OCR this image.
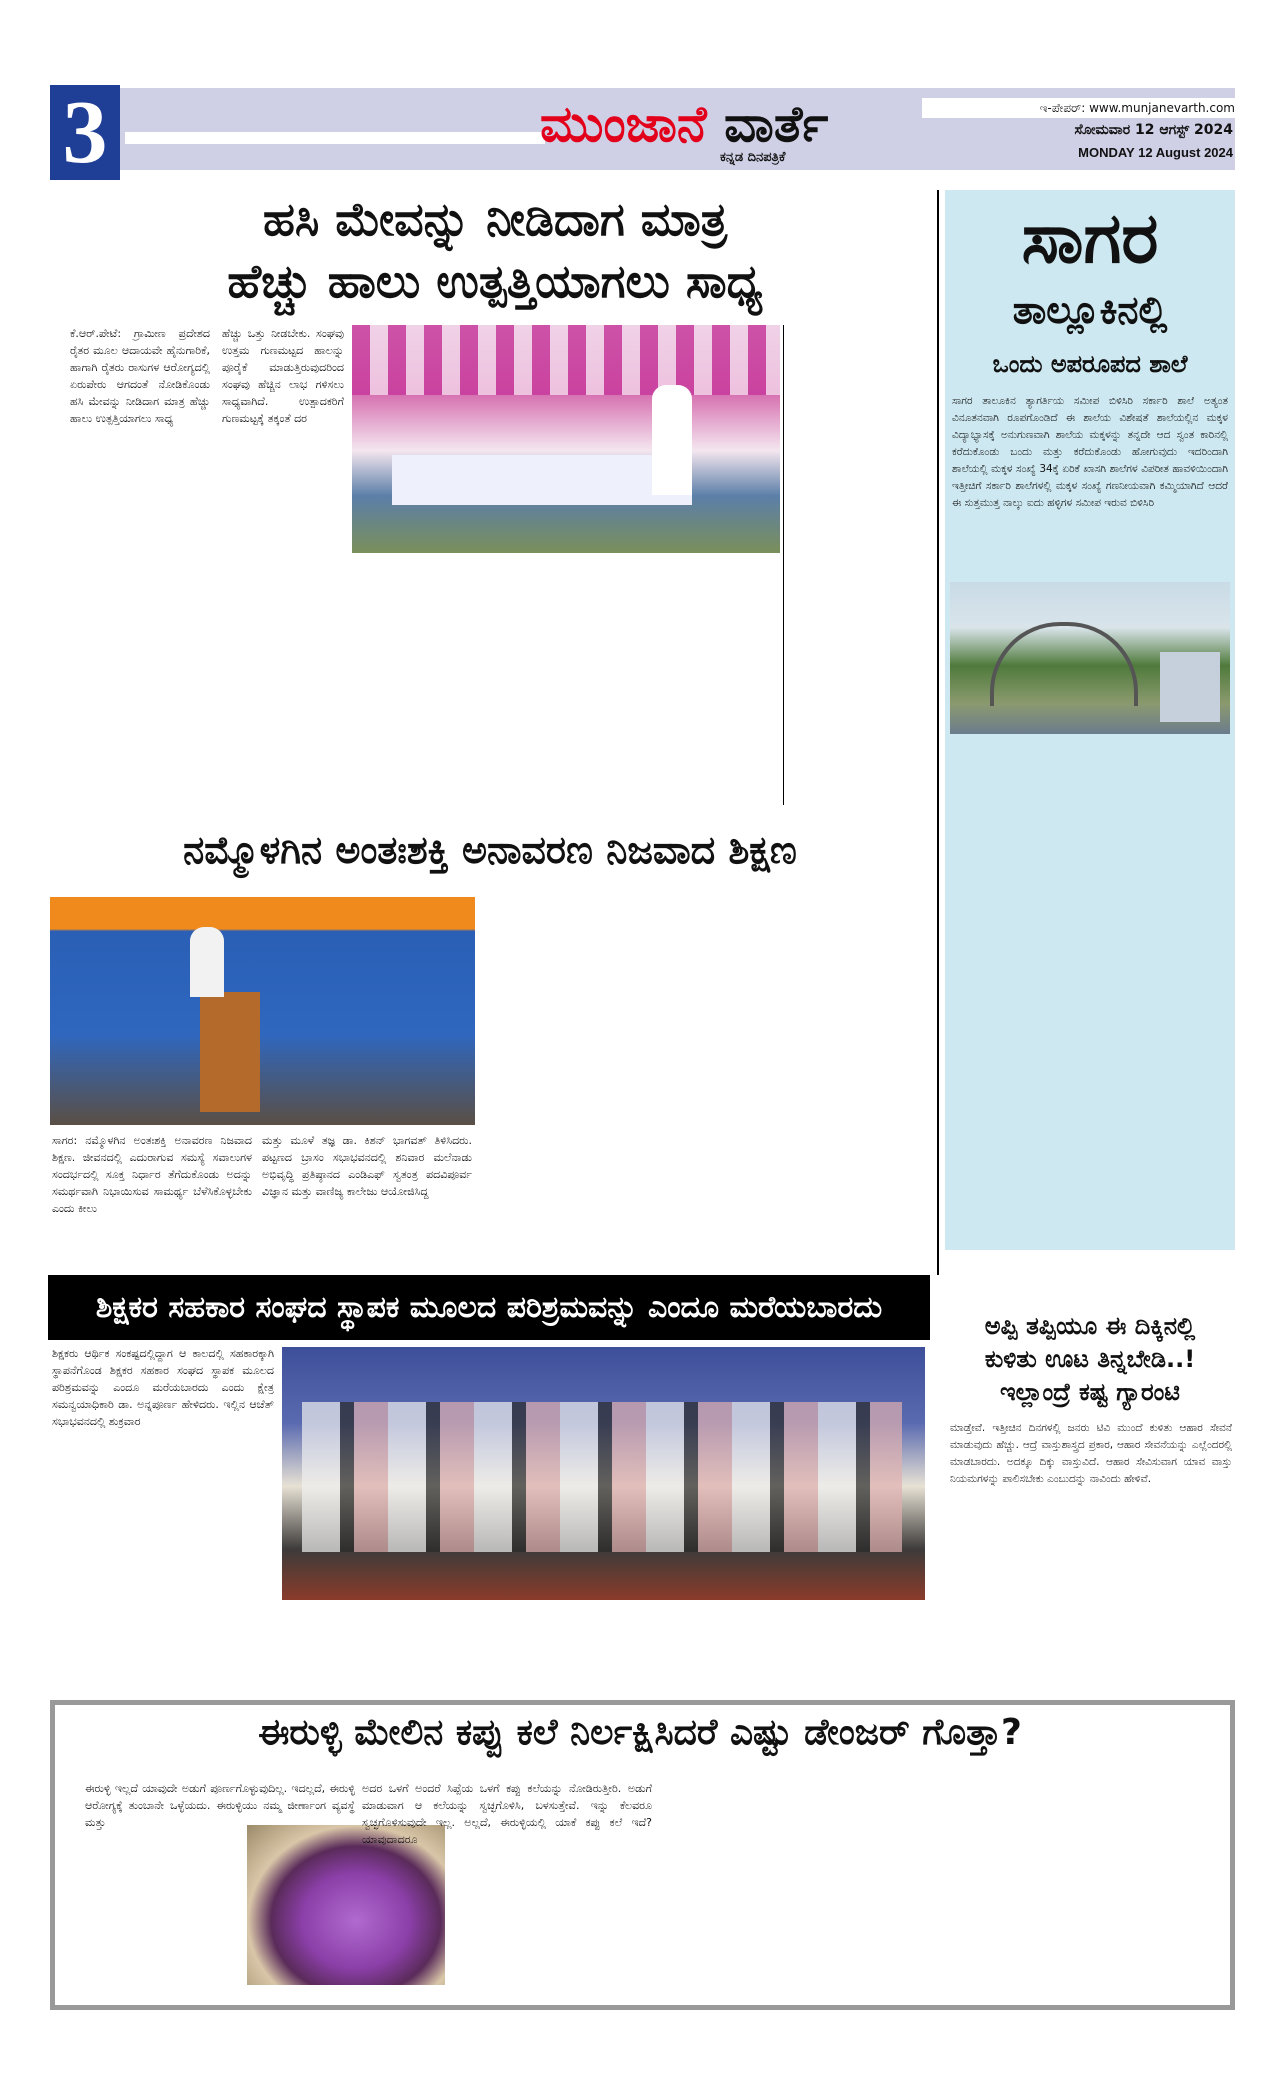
3	ಮುಂಜಾನೆ ವಾರ್ತೆ
ಕನ್ನಡ ದಿನಪತ್ರಿಕೆ
ಇ-ಪೇಪರ್: www.munjanevarth.com
ಸೋಮವಾರ 12 ಆಗಸ್ಟ್ 2024
MONDAY 12 August 2024
ಹಸಿ ಮೇವನ್ನು ನೀಡಿದಾಗ ಮಾತ್ರ
ಹೆಚ್ಚು ಹಾಲು ಉತ್ಪತ್ತಿಯಾಗಲು ಸಾಧ್ಯ
ಕೆ.ಆರ್.ಪೇಟೆ: ಗ್ರಾಮೀಣ ಪ್ರದೇಶದ ರೈತರ ಮೂಲ ಆದಾಯವೇ ಹೈನುಗಾರಿಕೆ, ಹಾಗಾಗಿ ರೈತರು ರಾಸುಗಳ ಆರೋಗ್ಯದಲ್ಲಿ ಏರುಪೇರು ಆಗದಂತೆ ನೋಡಿಕೊಂಡು ಹಸಿ ಮೇವನ್ನು ನೀಡಿದಾಗ ಮಾತ್ರ ಹೆಚ್ಚು ಹಾಲು ಉತ್ಪತ್ತಿಯಾಗಲು ಸಾಧ್ಯ
ಹೆಚ್ಚು ಒತ್ತು ನೀಡಬೇಕು. ಸಂಘವು ಉತ್ತಮ ಗುಣಮಟ್ಟದ ಹಾಲನ್ನು ಪೂರೈಕೆ ಮಾಡುತ್ತಿರುವುದರಿಂದ ಸಂಘವು ಹೆಚ್ಚಿನ ಲಾಭ ಗಳಿಸಲು ಸಾಧ್ಯವಾಗಿದೆ. ಉತ್ಪಾದಕರಿಗೆ ಗುಣಮಟ್ಟಕ್ಕೆ ತಕ್ಕಂತೆ ದರ
ಸಾಗರ
ತಾಲ್ಲೂಕಿನಲ್ಲಿ
ಒಂದು ಅಪರೂಪದ ಶಾಲೆ
ಸಾಗರ ತಾಲೂಕಿನ ತ್ಯಾಗರ್ತಿಯ ಸಮೀಪ ಬಿಳಿಸಿರಿ ಸರ್ಕಾರಿ ಶಾಲೆ ಅತ್ಯಂತ ವಿನೂತನವಾಗಿ ರೂಪಗೊಂಡಿದೆ ಈ ಶಾಲೆಯ ವಿಶೇಷತೆ ಶಾಲೆಯಲ್ಲಿನ ಮಕ್ಕಳ ವಿದ್ಯಾಭ್ಯಾಸಕ್ಕೆ ಅನುಗುಣವಾಗಿ ಶಾಲೆಯ ಮಕ್ಕಳನ್ನು ತನ್ನದೇ ಆದ ಸ್ವಂತ ಕಾರಿನಲ್ಲಿ ಕರೆದುಕೊಂಡು ಬಂದು ಮತ್ತು ಕರೆದುಕೊಂಡು ಹೋಗುವುದು ಇದರಿಂದಾಗಿ ಶಾಲೆಯಲ್ಲಿ ಮಕ್ಕಳ ಸಂಖ್ಯೆ 34ಕ್ಕೆ ಏರಿಕೆ ಖಾಸಗಿ ಶಾಲೆಗಳ ವಿಪರೀತ ಹಾವಳಿಯಿಂದಾಗಿ ಇತ್ತೀಚಿಗೆ ಸರ್ಕಾರಿ ಶಾಲೆಗಳಲ್ಲಿ ಮಕ್ಕಳ ಸಂಖ್ಯೆ ಗಣನೀಯವಾಗಿ ಕಮ್ಮಿಯಾಗಿದೆ ಆದರೆ ಈ ಸುತ್ತಮುತ್ತ ನಾಲ್ಕು ಐದು ಹಳ್ಳಿಗಳ ಸಮೀಪ ಇರುವ ಬಿಳಿಸಿರಿ
ನಮ್ಮೊಳಗಿನ ಅಂತಃಶಕ್ತಿ ಅನಾವರಣ ನಿಜವಾದ ಶಿಕ್ಷಣ
ಸಾಗರ: ನಮ್ಮೊಳಗಿನ ಅಂತಃಶಕ್ತಿ ಅನಾವರಣ ನಿಜವಾದ ಶಿಕ್ಷಣ. ಜೀವನದಲ್ಲಿ ಎದುರಾಗುವ ಸಮಸ್ಯೆ ಸವಾಲುಗಳ ಸಂದರ್ಭದಲ್ಲಿ ಸೂಕ್ತ ನಿರ್ಧಾರ ತೆಗೆದುಕೊಂಡು ಅದನ್ನು ಸಮರ್ಥವಾಗಿ ನಿಭಾಯಿಸುವ ಸಾಮರ್ಥ್ಯ ಬೆಳೆಸಿಕೊಳ್ಳಬೇಕು ಎಂದು ಕೀಲು
ಮತ್ತು ಮೂಳೆ ತಜ್ಞ ಡಾ. ಕಿಶನ್ ಭಾಗವತ್ ತಿಳಿಸಿದರು. ಪಟ್ಟಣದ ಬ್ರಾಸಂ ಸಭಾಭವನದಲ್ಲಿ ಶನಿವಾರ ಮಲೆನಾಡು ಅಭಿವೃದ್ಧಿ ಪ್ರತಿಷ್ಠಾನದ ಎಂಡಿಎಫ್ ಸ್ವತಂತ್ರ ಪದವಿಪೂರ್ವ ವಿಜ್ಞಾನ ಮತ್ತು ವಾಣಿಜ್ಯ ಕಾಲೇಜು ಆಯೋಜಿಸಿದ್ದ
ಶಿಕ್ಷಕರ ಸಹಕಾರ ಸಂಘದ ಸ್ಥಾಪಕ ಮೂಲದ ಪರಿಶ್ರಮವನ್ನು ಎಂದೂ ಮರೆಯಬಾರದು
ಶಿಕ್ಷಕರು ಆರ್ಥಿಕ ಸಂಕಷ್ಟದಲ್ಲಿದ್ದಾಗ ಆ ಕಾಲದಲ್ಲಿ ಸಹಕಾರಕ್ಕಾಗಿ ಸ್ಥಾಪನೆಗೊಂಡ ಶಿಕ್ಷಕರ ಸಹಕಾರ ಸಂಘದ ಸ್ಥಾಪಕ ಮೂಲದ ಪರಿಶ್ರಮವನ್ನು ಎಂದೂ ಮರೆಯಬಾರದು ಎಂದು ಕ್ಷೇತ್ರ ಸಮನ್ವಯಾಧಿಕಾರಿ ಡಾ. ಅನ್ನಪೂರ್ಣ ಹೇಳಿದರು. ಇಲ್ಲಿನ ಆಚೆತ್ ಸಭಾಭವನದಲ್ಲಿ ಶುಕ್ರವಾರ
ಅಪ್ಪಿ ತಪ್ಪಿಯೂ ಈ ದಿಕ್ಕಿನಲ್ಲಿ
ಕುಳಿತು ಊಟ ತಿನ್ನಬೇಡಿ..!
ಇಲ್ಲಾಂದ್ರೆ ಕಷ್ಟ ಗ್ಯಾರಂಟಿ
ಮಾಡ್ತೇವೆ. ಇತ್ತೀಚಿನ ದಿನಗಳಲ್ಲಿ ಜನರು ಟಿವಿ ಮುಂದೆ ಕುಳಿತು ಆಹಾರ ಸೇವನೆ ಮಾಡುವುದು ಹೆಚ್ಚು. ಆದ್ರೆ ವಾಸ್ತುಶಾಸ್ತ್ರದ ಪ್ರಕಾರ, ಆಹಾರ ಸೇವನೆಯನ್ನು ಎಲ್ಲೆಂದರಲ್ಲಿ ಮಾಡಬಾರದು. ಅದಕ್ಕೂ ದಿಕ್ಕು ವಾಸ್ತುವಿದೆ. ಆಹಾರ ಸೇವಿಸುವಾಗ ಯಾವ ವಾಸ್ತು ನಿಯಮಗಳನ್ನು ಪಾಲಿಸಬೇಕು ಎಂಬುದನ್ನು ನಾವಿಂದು ಹೇಳಿವೆ.
ಈರುಳ್ಳಿ ಮೇಲಿನ ಕಪ್ಪು ಕಲೆ ನಿರ್ಲಕ್ಷಿಸಿದರೆ ಎಷ್ಟು ಡೇಂಜರ್ ಗೊತ್ತಾ?
ಈರುಳ್ಳಿ ಇಲ್ಲದೆ ಯಾವುದೇ ಅಡುಗೆ ಪೂರ್ಣಗೊಳ್ಳುವುದಿಲ್ಲ. ಇದಲ್ಲದೆ, ಈರುಳ್ಳಿ ಆರೋಗ್ಯಕ್ಕೆ ತುಂಬಾನೇ ಒಳ್ಳೆಯದು. ಈರುಳ್ಳಿಯು ನಮ್ಮ ಜೀರ್ಣಾಂಗ ವ್ಯವಸ್ಥೆ ಮತ್ತು
ಅದರ ಒಳಗೆ ಅಂದರೆ ಸಿಪ್ಪೆಯ ಒಳಗೆ ಕಪ್ಪು ಕಲೆಯನ್ನು ನೋಡಿರುತ್ತೀರಿ. ಅಡುಗೆ ಮಾಡುವಾಗ ಆ ಕಲೆಯನ್ನು ಸ್ವಚ್ಛಗೊಳಿಸಿ, ಬಳಸುತ್ತೇವೆ. ಇನ್ನು ಕೆಲವರೂ ಸ್ವಚ್ಛಗೊಳಿಸುವುದೇ ಇಲ್ಲ. ಅಲ್ಲದೆ, ಈರುಳ್ಳಿಯಲ್ಲಿ ಯಾಕೆ ಕಪ್ಪು ಕಲೆ ಇದೆ? ಯಾವುದಾದರೂ
